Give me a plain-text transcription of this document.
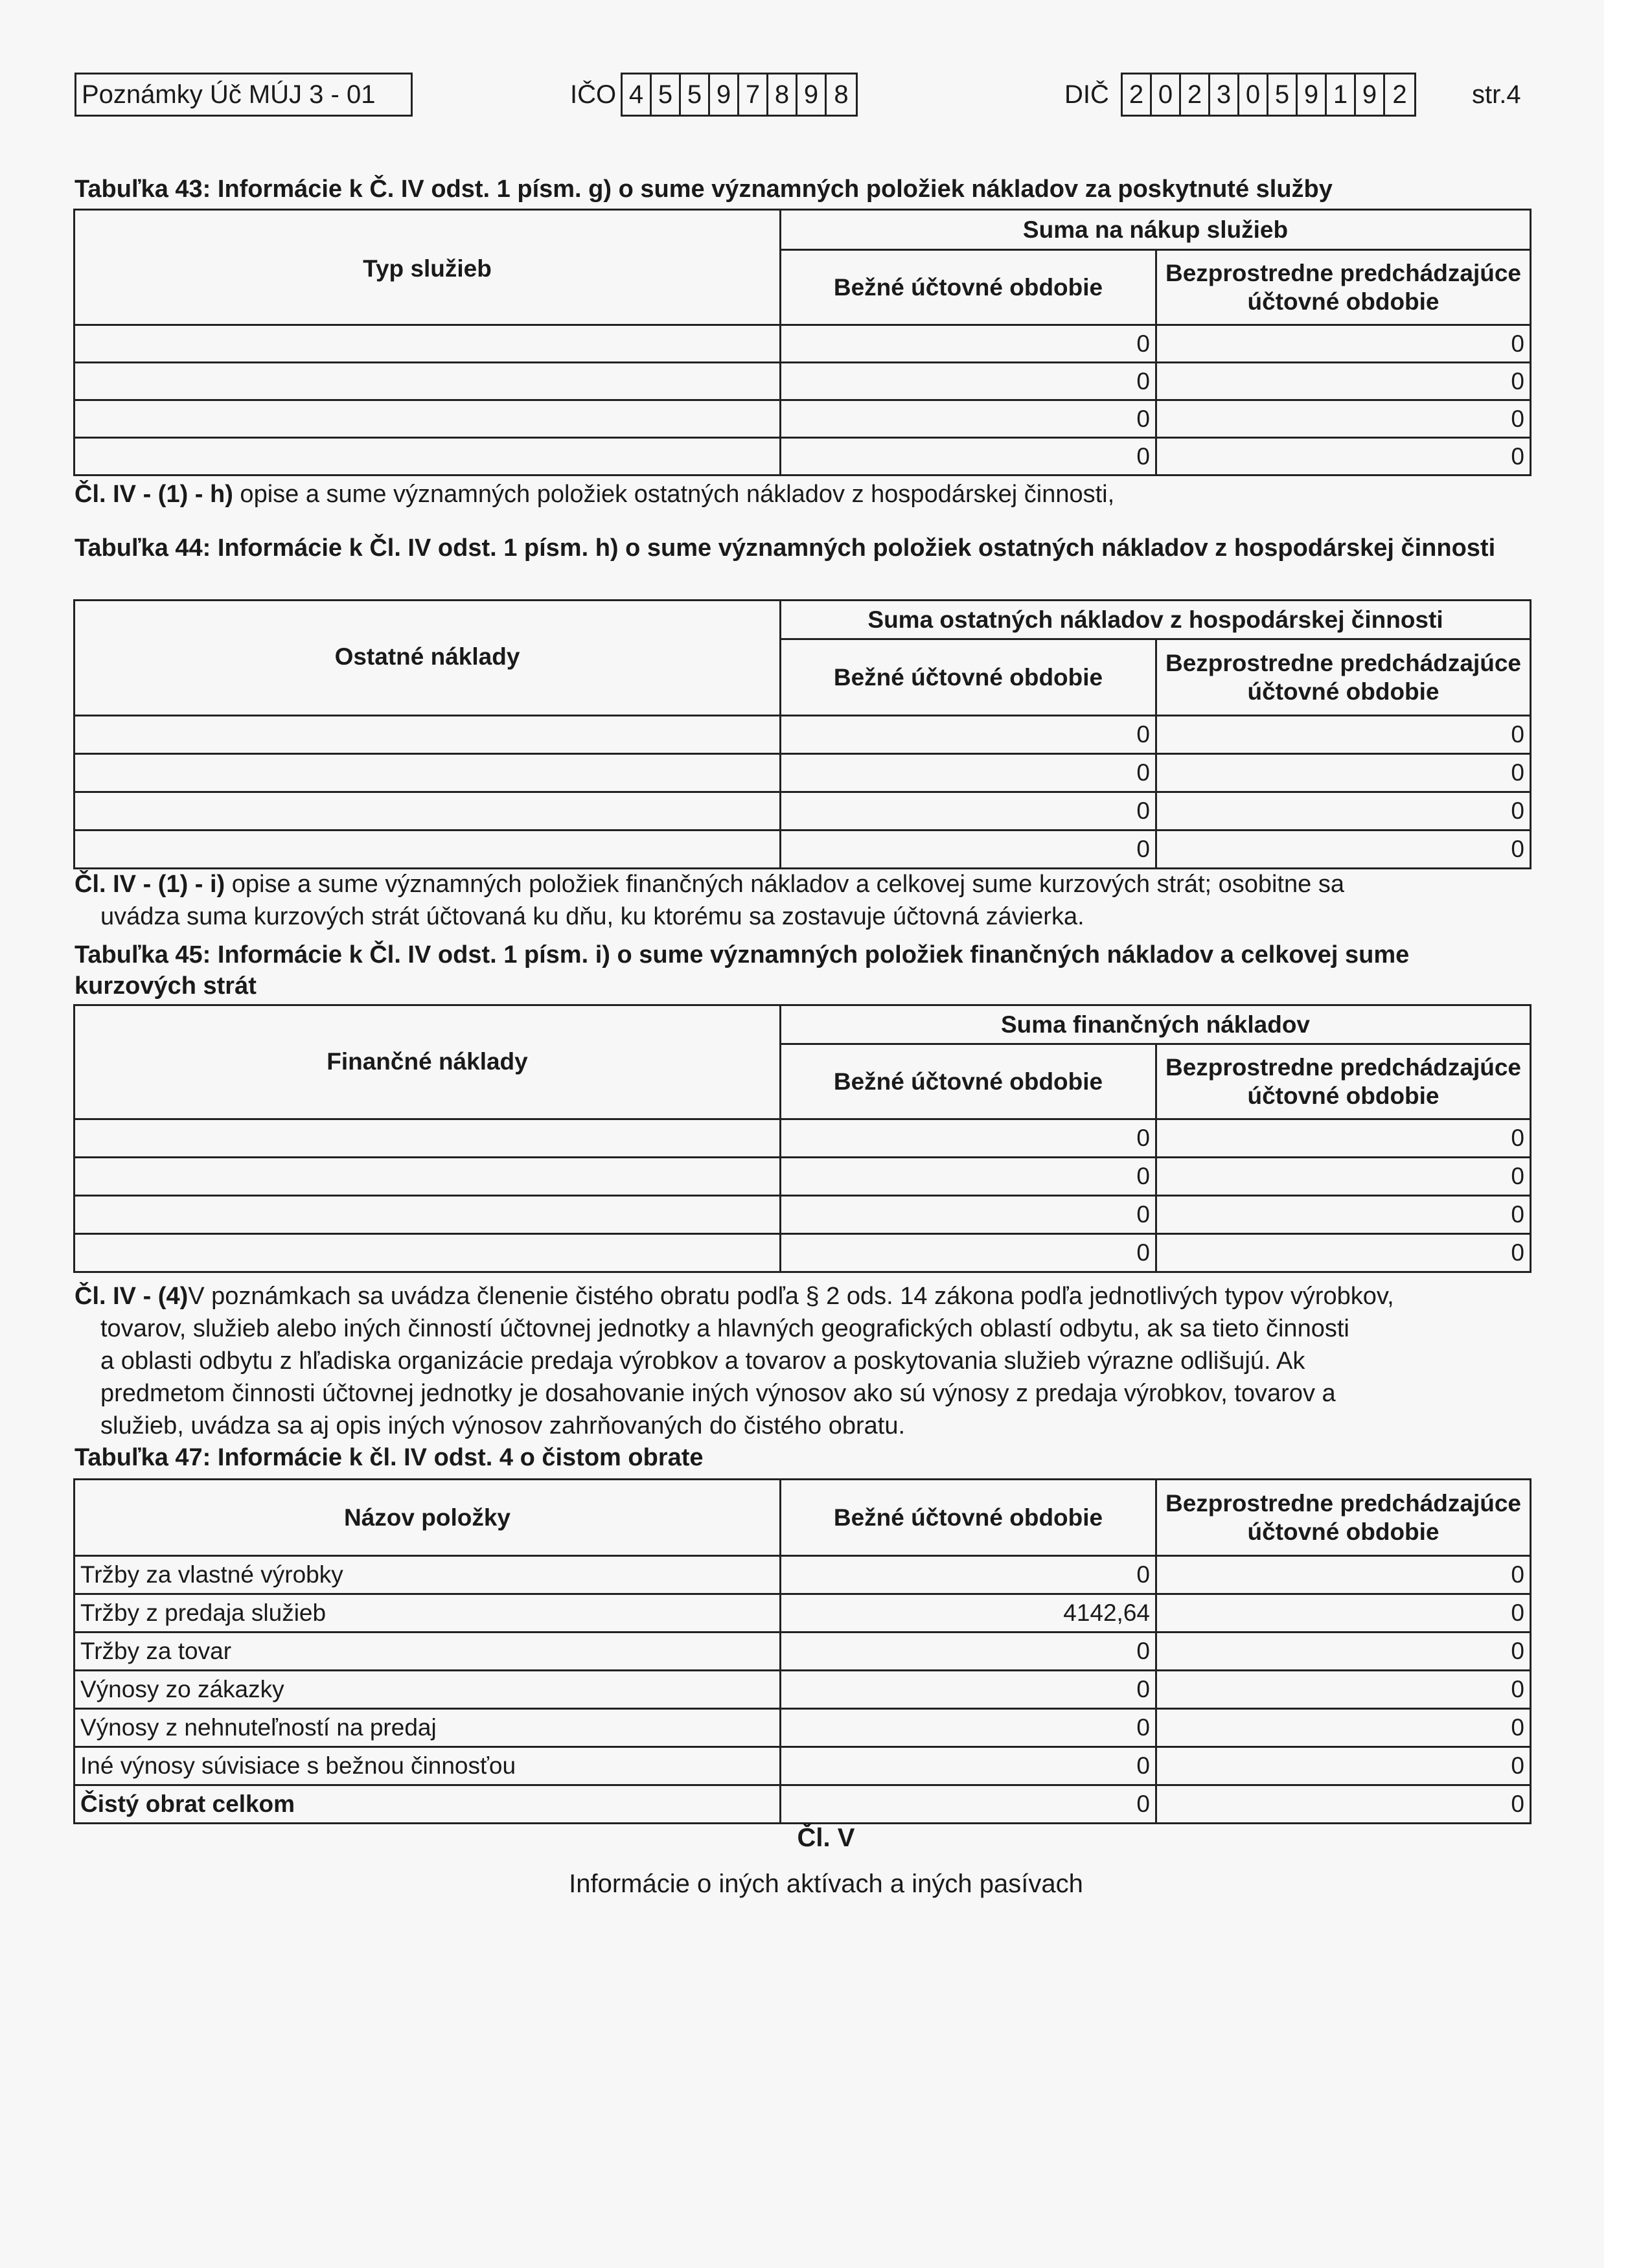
Poznámky Úč MÚJ 3 - 01	IČO 4 5 5 9 7 8 9 8	DIČ 2 0 2 3 0 5 9 1 9 2	str.4
Tabuľka 43: Informácie k Č. IV odst. 1 písm. g) o sume významných položiek nákladov za poskytnuté služby
Typ služieb	Suma na nákup služieb	
	Bežné účtovné obdobie	Bezprostredne predchádzajúce účtovné obdobie
	0	0
	0	0
	0	0
	0	0
Čl. IV - (1) - h) opise a sume významných položiek ostatných nákladov z hospodárskej činnosti,
Tabuľka 44: Informácie k Čl. IV odst. 1 písm. h) o sume významných položiek ostatných nákladov z hospodárskej činnosti
Ostatné náklady	Suma ostatných nákladov z hospodárskej činnosti	
	Bežné účtovné obdobie	Bezprostredne predchádzajúce účtovné obdobie
	0	0
	0	0
	0	0
	0	0
Čl. IV - (1) - i) opise a sume významných položiek finančných nákladov a celkovej sume kurzových strát; osobitne sa
uvádza suma kurzových strát účtovaná ku dňu, ku ktorému sa zostavuje účtovná závierka.
Tabuľka 45: Informácie k Čl. IV odst. 1 písm. i) o sume významných položiek finančných nákladov a celkovej sume kurzových strát
Finančné náklady	Suma finančných nákladov	
	Bežné účtovné obdobie	Bezprostredne predchádzajúce účtovné obdobie
	0	0
	0	0
	0	0
	0	0
Čl. IV - (4)V poznámkach sa uvádza členenie čistého obratu podľa § 2 ods. 14 zákona podľa jednotlivých typov výrobkov,
tovarov, služieb alebo iných činností účtovnej jednotky a hlavných geografických oblastí odbytu, ak sa tieto činnosti
a oblasti odbytu z hľadiska organizácie predaja výrobkov a tovarov a poskytovania služieb výrazne odlišujú. Ak
predmetom činnosti účtovnej jednotky je dosahovanie iných výnosov ako sú výnosy z predaja výrobkov, tovarov a
služieb, uvádza sa aj opis iných výnosov zahrňovaných do čistého obratu.
Tabuľka 47: Informácie k čl. IV odst. 4 o čistom obrate
Názov položky	Bežné účtovné obdobie	Bezprostredne predchádzajúce účtovné obdobie
Tržby za vlastné výrobky	0	0
Tržby z predaja služieb	4142,64	0
Tržby za tovar	0	0
Výnosy zo zákazky	0	0
Výnosy z nehnuteľností na predaj	0	0
Iné výnosy súvisiace s bežnou činnosťou	0	0
Čistý obrat celkom	0	0
Čl. V
Informácie o iných aktívach a iných pasívach
